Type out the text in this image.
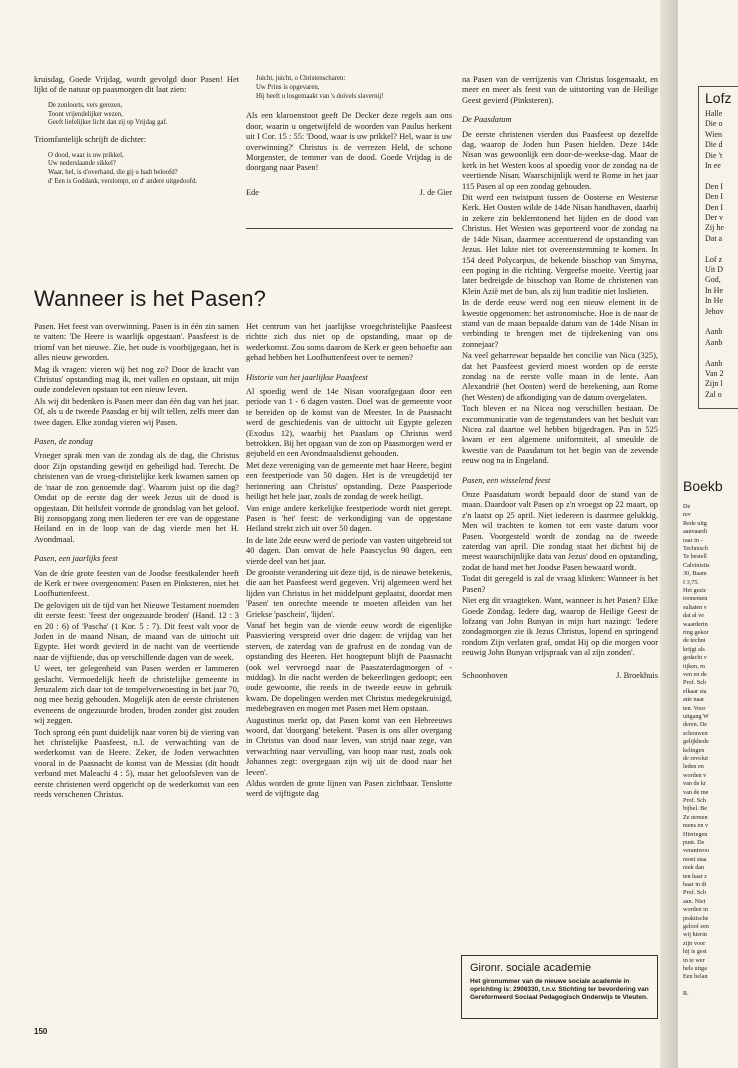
kruisdag, Goede Vrijdag, wordt gevolgd door Pasen! Het lijkt of de natuur op paasmorgen dit laat zien:

De zonloorts, vers gerezen,
Toont vrijendelijker wezen,
Geeft liefelijker licht dan zij op Vrijdag gaf.

Triomfantelijk schrijft de dichter:

O dood, waar is uw prikkel,
Uw nederslaande sikkel?
Waar, hel, is d'overhand, die gij u hadt beloofd?
d' Een is Goddank, verslompt, en d' andere uitgedoofd.
Juicht, juicht, o Christenscharen:
Uw Prins is opgevaren,
Hij heeft u losgemaakt van 's duivels slavernij!

Als een klaroenstoot geeft De Decker deze regels aan ons door, waarin u ongetwijfeld de woorden van Paulus herkent uit I Cor. 15 : 55: 'Dood, waar is uw prikkel? Hel, waar is uw overwinning?' Christus is de verrezen Held, de schone Morgenster, de temmer van de dood. Goede Vrijdag is de doorgang naar Pasen!

Ede	J. de Gier

na Pasen van de verrijzenis van Christus losgemaakt, en meer en meer als feest van de uitstorting van de Heilige Geest gevierd (Pinksteren).

De Paasdatum

De eerste christenen vierden dus Paasfeest op dezelfde dag, waarop de Joden hun Pasen hielden. Deze 14de Nisan was gewoonlijk een door-de-weekse-dag. Maar de kerk in het Westen koos al spoedig voor de zondag na de veertiende Nisan. Waarschijnlijk werd te Rome in het jaar 115 Pasen al op een zondag gehouden.

Dit werd een twistpunt tussen de Oosterse en Westerse Kerk. Het Oosten wilde de 14de Nisan handhaven, daarbij in zekere zin beklemtonend het lijden en de dood van Christus. Het Westen was geporteerd voor de zondag na de 14de Nisan, daarmee accentuerend de opstanding van Jezus. Het lukte niet tot overeenstemming te komen. In 154 deed Polycarpus, de bekende bisschop van Smyrna, een poging in die richting. Vergeefse moeite. Veertig jaar later bedreigde de bisschop van Rome de christenen van Klein Azië met de ban, als zij hun traditie niet loslieten.

In de derde eeuw werd nog een nieuw element in de kwestie opgenomen: het astronomische. Hoe is de naar de stand van de maan bepaalde datum van de 14de Nisan in verbinding te brengen met de tijdrekening van ons zonnejaar?

Na veel geharrewar bepaalde het concilie van Nica (325), dat het Paasfeest gevierd moest worden op de eerste zondag na de eerste volle maan in de lente. Aan Alexandrië (het Oosten) werd de berekening, aan Rome (het Westen) de afkondiging van de datum overgelaten.

Toch bleven er na Nicea nog verschillen bestaan. De excommunicatie van de tegenstanders van het besluit van Nicea zal daartoe wel hebben bijgedragen. Pas in 525 kwam er een algemene uniformiteit, al smeulde de kwestie van de Paasdatum tot het begin van de zevende eeuw nog na in Engeland.

Pasen, een wisselend feest

Onze Paasdatum wordt bepaald door de stand van de maan. Daardoor valt Pasen op z'n vroegst op 22 maart, op z'n laatst op 25 april. Niet iedereen is daarmee gelukkig. Men wil trachten te komen tot een vaste datum voor Pasen. Voorgesteld wordt de zondag na de tweede zaterdag van april. Die zondag staat het dichtst bij de meest waarschijnlijke data van Jezus' dood en opstanding, zodat de band met het Joodse Pasen bewaard wordt.

Todat dit geregeld is zal de vraag klinken: Wanneer is het Pasen?

Niet erg dit vraagteken. Want, wanneer is het Pasen? Elke Goede Zondag. Iedere dag, waarop de Heilige Geest de lofzang van John Bunyan in mijn hart nazingt: 'Iedere zondagmorgen zie ik Jezus Christus, lopend en springend rondom Zijn verlaten graf, omdat Hij op die morgen voor eeuwig John Bunyan vrijspraak van al zijn zonden'.

Schoonhoven	J. Broekhuis
Wanneer is het Pasen?

Pasen. Het feest van overwinning. Pasen is in één zin samen te vatten: 'De Heere is waarlijk opgestaan'. Paasfeest is de triomf van het nieuwe. Zie, het oude is voorbijgegaan, het is alles nieuw geworden.

Mag ik vragen: vieren wij het nog zo? Door de kracht van Christus' opstanding mag ik, met vallen en opstaan, uit mijn oude zondeleven opstaan tot een nieuw leven.

Als wij dit bedenken is Pasen meer dan één dag van het jaar. Of, als u de tweede Paasdag er bij wilt tellen, zelfs meer dan twee dagen. Elke zondag vieren wij Pasen.

Pasen, de zondag

Vroeger sprak men van de zondag als de dag, die Christus door Zijn opstanding gewijd en geheiligd had. Terecht. De christenen van de vroeg-christelijke kerk kwamen samen op de 'naar de zon genoemde dag'. Waarom juist op die dag? Omdat op de eerste dag der week Jezus uit de dood is opgestaan. Dit heilsfeit vormde de grondslag van het geloof. Bij zonsopgang zong men liederen ter ere van de opgestane Heiland en in de loop van de dag vierde men het H. Avondmaal.

Pasen, een jaarlijks feest

Van de drie grote feesten van de Joodse feestkalender heeft de Kerk er twee overgenomen: Pasen en Pinksteren, niet het Loofhuttenfeest.

De gelovigen uit de tijd van het Nieuwe Testament noemden dit eerste feest: 'feest der ongezuurde broden' (Hand. 12 : 3 en 20 : 6) of 'Pascha' (1 Kor. 5 : 7). Dit feest valt voor de Joden in de maand Nisan, de maand van de uittocht uit Egypte. Het wordt gevierd in de nacht van de veertiende naar de vijftiende, dus op verschillende dagen van de week.

U weet, ter gelegenheid van Pasen werden er lammeren geslacht. Vermoedelijk heeft de christelijke gemeente in Jeruzalem zich daar tot de tempelverwoesting in het jaar 70, nog mee bezig gehouden. Mogelijk aten de eerste christenen eveneens de ongezuurde broden, broden zonder gist zouden wij zeggen.

Toch sprong eén punt duidelijk naar voren bij de viering van het christelijke Paasfeest, n.l. de verwachting van de wederkomst van de Heere. Zeker, de Joden verwachtten vooral in de Paasnacht de komst van de Messias (dit houdt verband met Maleachi 4 : 5), maar het geloofsleven van de eerste christenen werd opgericht op de wederkomst van een reeds verschenen Christus.

Het centrum van het jaarlijkse vroegchristelijke Paasfeest richtte zich dus niet op de opstanding, maar op de wederkomst. Zou soms daarom de Kerk er geen behoefte aan gehad hebben het Loofhuttenfeest over te nemen?

Historie van het jaarlijkse Paasfeest

Al spoedig werd de 14e Nisan voorafgegaan door een periode van 1 - 6 dagen vasten. Doel was de gemeente voor te bereiden op de komst van de Meester. In de Paasnacht werd de geschiedenis van de uittocht uit Egypte gelezen (Exodus 12), waarbij het Paaslam op Christus werd betrokken. Bij het opgaan van de zon op Paasmorgen werd er gejubeld en een Avondmaalsdienst gehouden.

Met deze vereniging van de gemeente met haar Heere, begint een feestperiode van 50 dagen. Het is de vreugdetijd ter herinnering aan Christus' opstanding. Deze Paasperiode heiligt het hele jaar, zoals de zondag de week heiligt.

Van enige andere kerkelijke feestperiode wordt niet gerept. Pasen is 'het' feest: de verkondiging van de opgestane Heiland strekt zich uit over 50 dagen.

In de late 2de eeuw werd de periode van vasten uitgebreid tot 40 dagen. Dan omvat de hele Paascyclus 90 dagen, een vierde deel van het jaar.

De grootste verandering uit deze tijd, is de nieuwe betekenis, die aan het Paasfeest werd gegeven. Vrij algemeen werd het lijden van Christus in het middelpunt geplaatst, doordat men 'Pasen' ten onrechte meende te moeten afleiden van het Griekse 'paschein', 'lijden'.

Vanaf het begin van de vierde eeuw wordt de eigenlijke Paasviering verspreid over drie dagen: de vrijdag van het sterven, de zaterdag van de grafrust en de zondag van de opstanding des Heeren. Het hoogtepunt blijft de Paasnacht (ook wel vervroegd naar de Paaszaterdagmorgen of -middag). In die nacht werden de bekeerlingen gedoopt; een oude gewoonte, die reeds in de tweede eeuw in gebruik kwam. De dopelingen werden met Christus medegekruisigd, medebegraven en mogen met Pasen met Hem opstaan.

Augustinus merkt op, dat Pasen komt van een Hebreeuws woord, dat 'doorgang' betekent. 'Pasen is ons aller overgang in Christus van dood naar leven, van strijd naar zege, van verwachting naar vervulling, van hoop naar rust, zoals ook Johannes zegt: overgegaan zijn wij uit de dood naar het leven'.

Aldus worden de grote lijnen van Pasen zichtbaar. Tenslotte werd de vijftigste dag

Gironr. sociale academie
Het gironummer van de nieuwe sociale academie in oprichting is: 2906330, t.n.v. Stichting ter bevordering van Gereformeerd Sociaal Pedagogisch Onderwijs te Vleuten.
150
Lofz
Halle
Die o
Wien
Die d
Die 't
In ee
Den I
Den I
Den I
Der v
Zij he
Dat a
Lof z
Uit D
God,
In He
In He
Jehov
Aanb
Aanb
Aanb
Van 2
Zijn l
Zal o
Boekb
De
rev
Rede uitg
aanvaardi
raar in -
Technisch
Te bestell
Calvinistis
30, Baam
f 3,75.
Het gezic
toonemen
sultaten v
dat al ve
waarderin
ring gekor
de techni
krijgt als
gedacht v
tijken, m
ven en de
Prof. Sch
elkaar sta
atie naar
ten. Voor
uitgang W
deren. De
schouwen
gelijkhede
kelingen
de revolut
leden en
worden v
van de kr
van de me
Prof. Sch
bijbel. Be
Ze nemen
mens en v
Hiertegen
punt. De
verantwoo
moet staa
niek dan
ten haar z
haar in di
Prof. Sch
aan. Niet
worden in
praktische
geloof een
wij hierin
zijn voor
hij is gest
in te wer
hels uitga
Een belan
R.
